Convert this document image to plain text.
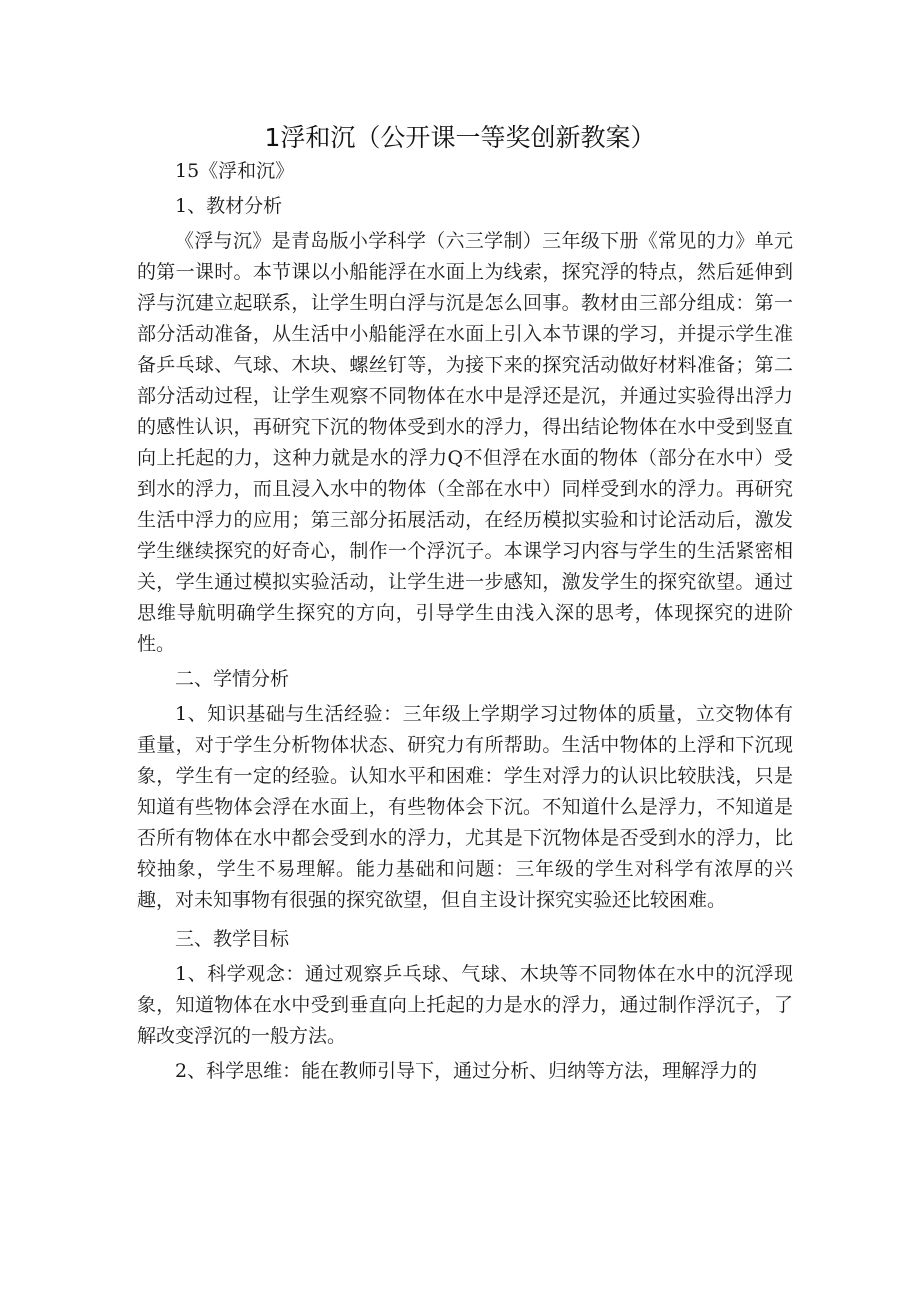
1浮和沉（公开课一等奖创新教案）

15《浮和沉》

1、教材分析

《浮与沉》是青岛版小学科学（六三学制）三年级下册《常见的力》单元的第一课时。本节课以小船能浮在水面上为线索，探究浮的特点，然后延伸到浮与沉建立起联系，让学生明白浮与沉是怎么回事。教材由三部分组成：第一部分活动准备，从生活中小船能浮在水面上引入本节课的学习，并提示学生准备乒乓球、气球、木块、螺丝钉等，为接下来的探究活动做好材料准备；第二部分活动过程，让学生观察不同物体在水中是浮还是沉，并通过实验得出浮力的感性认识，再研究下沉的物体受到水的浮力，得出结论物体在水中受到竖直向上托起的力，这种力就是水的浮力Q不但浮在水面的物体（部分在水中）受到水的浮力，而且浸入水中的物体（全部在水中）同样受到水的浮力。再研究生活中浮力的应用；第三部分拓展活动，在经历模拟实验和讨论活动后，激发学生继续探究的好奇心，制作一个浮沉子。本课学习内容与学生的生活紧密相关，学生通过模拟实验活动，让学生进一步感知，激发学生的探究欲望。通过思维导航明确学生探究的方向，引导学生由浅入深的思考，体现探究的进阶性。

二、学情分析

1、知识基础与生活经验：三年级上学期学习过物体的质量，立交物体有重量，对于学生分析物体状态、研究力有所帮助。生活中物体的上浮和下沉现象，学生有一定的经验。认知水平和困难：学生对浮力的认识比较肤浅，只是知道有些物体会浮在水面上，有些物体会下沉。不知道什么是浮力，不知道是否所有物体在水中都会受到水的浮力，尤其是下沉物体是否受到水的浮力，比较抽象，学生不易理解。能力基础和问题：三年级的学生对科学有浓厚的兴趣，对未知事物有很强的探究欲望，但自主设计探究实验还比较困难。

三、教学目标

1、科学观念：通过观察乒乓球、气球、木块等不同物体在水中的沉浮现象，知道物体在水中受到垂直向上托起的力是水的浮力，通过制作浮沉子，了解改变浮沉的一般方法。

2、科学思维：能在教师引导下，通过分析、归纳等方法，理解浮力的
